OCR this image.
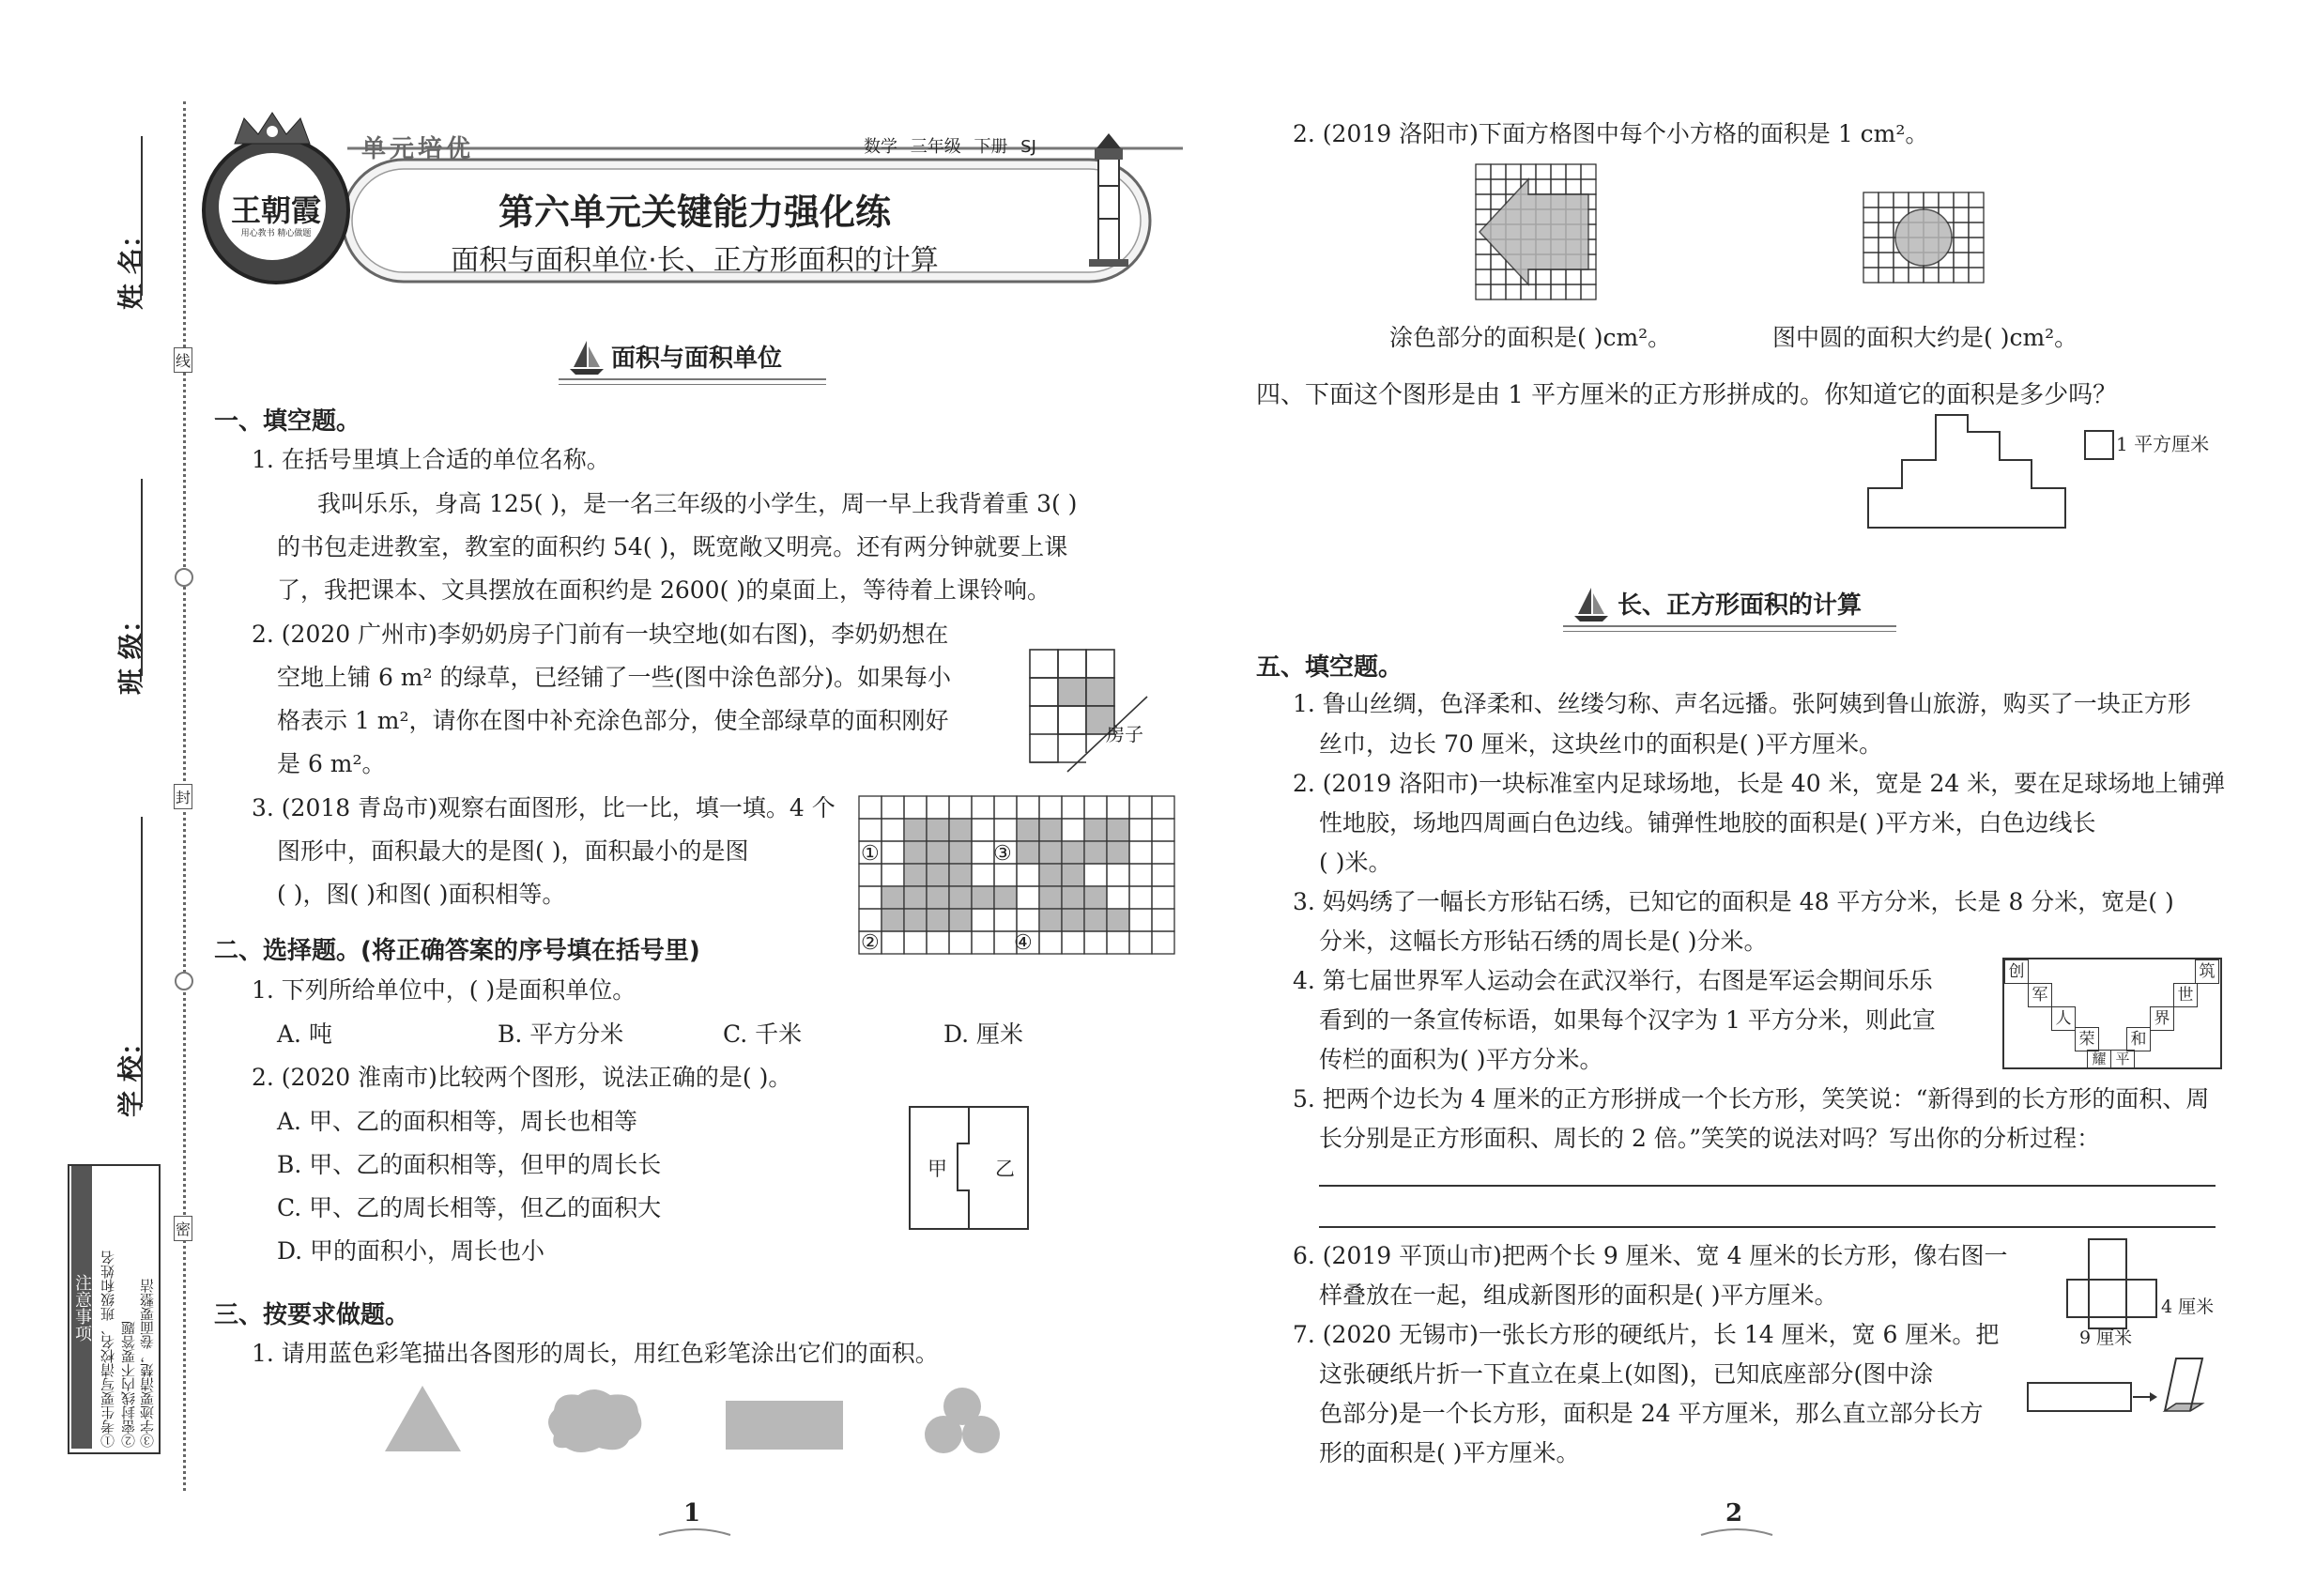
姓 名：
班 级：
学 校：
线
封
密
注意事项 ①考生要写清校名、班级和姓名 ②密封线内不要答题 ③字迹要清楚，卷面要整洁
王朝霞
用心教书 精心做题
单元培优	数学 三年级 下册 SJ
第六单元关键能力强化练
面积与面积单位·长、正方形面积的计算
面积与面积单位
一、填空题。
1. 在括号里填上合适的单位名称。
我叫乐乐，身高 125( )，是一名三年级的小学生，周一早上我背着重 3( )
的书包走进教室，教室的面积约 54( )，既宽敞又明亮。还有两分钟就要上课
了，我把课本、文具摆放在面积约是 2600( )的桌面上，等待着上课铃响。
2. (2020 广州市)李奶奶房子门前有一块空地(如右图)，李奶奶想在
空地上铺 6 m² 的绿草，已经铺了一些(图中涂色部分)。如果每小
格表示 1 m²，请你在图中补充涂色部分，使全部绿草的面积刚好
是 6 m²。
房子
3. (2018 青岛市)观察右面图形，比一比，填一填。4 个
图形中，面积最大的是图( )，面积最小的是图
( )，图( )和图( )面积相等。
①
②
③
④
二、选择题。(将正确答案的序号填在括号里)
1. 下列所给单位中，( )是面积单位。
A. 吨	B. 平方分米	C. 千米	D. 厘米
2. (2020 淮南市)比较两个图形，说法正确的是( )。
A. 甲、乙的面积相等，周长也相等
B. 甲、乙的面积相等，但甲的周长长
C. 甲、乙的周长相等，但乙的面积大
D. 甲的面积小，周长也小
甲 乙
三、按要求做题。
1. 请用蓝色彩笔描出各图形的周长，用红色彩笔涂出它们的面积。
1
2. (2019 洛阳市)下面方格图中每个小方格的面积是 1 cm²。
涂色部分的面积是( )cm²。	图中圆的面积大约是( )cm²。
四、下面这个图形是由 1 平方厘米的正方形拼成的。你知道它的面积是多少吗？
1 平方厘米
长、正方形面积的计算
五、填空题。
1. 鲁山丝绸，色泽柔和、丝缕匀称、声名远播。张阿姨到鲁山旅游，购买了一块正方形
丝巾，边长 70 厘米，这块丝巾的面积是( )平方厘米。
2. (2019 洛阳市)一块标准室内足球场地，长是 40 米，宽是 24 米，要在足球场地上铺弹
性地胶，场地四周画白色边线。铺弹性地胶的面积是( )平方米，白色边线长
( )米。
3. 妈妈绣了一幅长方形钻石绣，已知它的面积是 48 平方分米，长是 8 分米，宽是( )
分米，这幅长方形钻石绣的周长是( )分米。
4. 第七届世界军人运动会在武汉举行，右图是军运会期间乐乐
看到的一条宣传标语，如果每个汉字为 1 平方分米，则此宣
传栏的面积为( )平方分米。
创
军
人
荣
耀 平
和
界
世
筑
5. 把两个边长为 4 厘米的正方形拼成一个长方形，笑笑说：“新得到的长方形的面积、周
长分别是正方形面积、周长的 2 倍。”笑笑的说法对吗？写出你的分析过程：
6. (2019 平顶山市)把两个长 9 厘米、宽 4 厘米的长方形，像右图一
样叠放在一起，组成新图形的面积是( )平方厘米。	4 厘米
9 厘米
7. (2020 无锡市)一张长方形的硬纸片，长 14 厘米，宽 6 厘米。把
这张硬纸片折一下直立在桌上(如图)，已知底座部分(图中涂
色部分)是一个长方形，面积是 24 平方厘米，那么直立部分长方
形的面积是( )平方厘米。
2
